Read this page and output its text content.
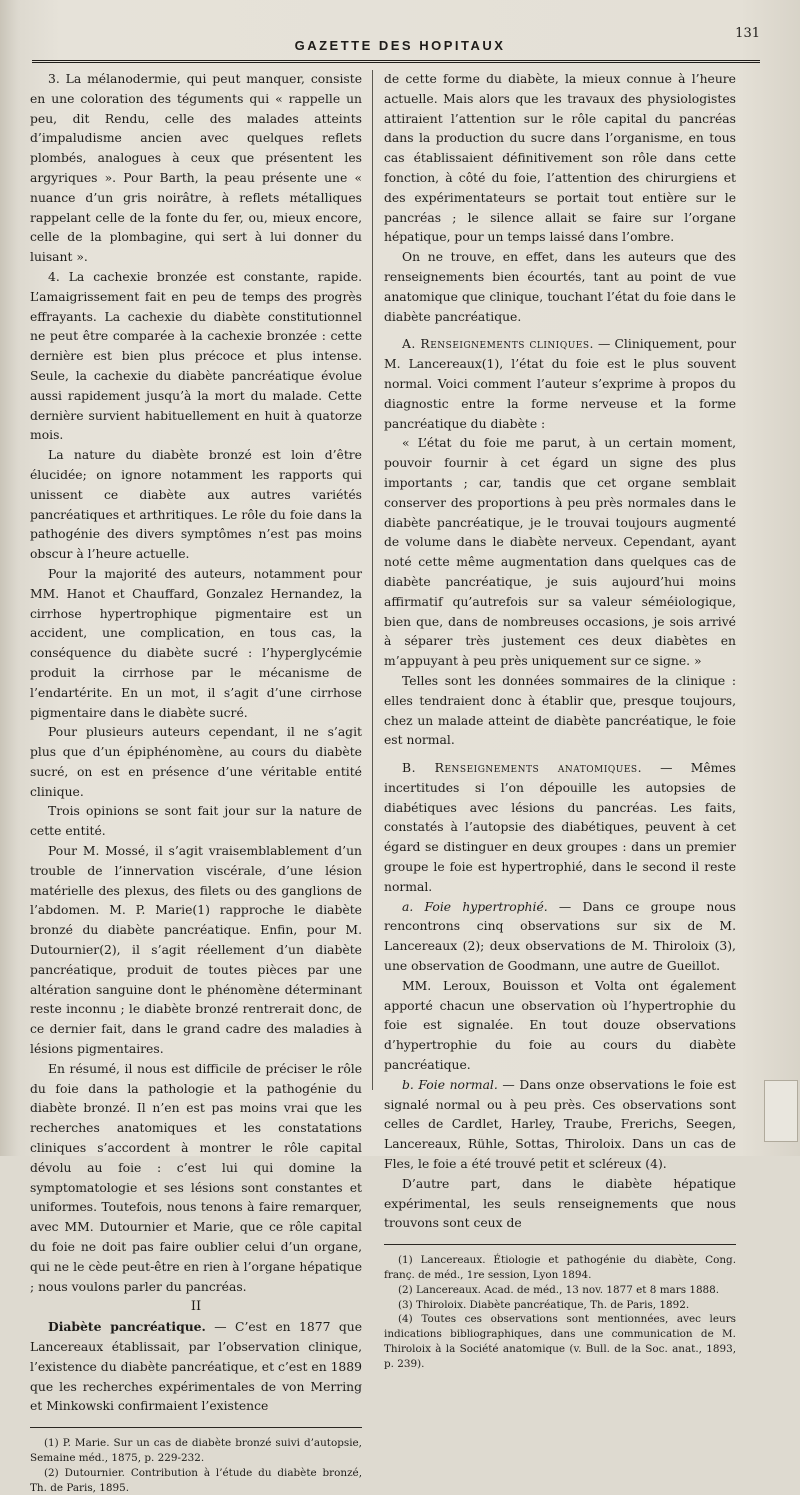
GAZETTE DES HOPITAUX
131

3. La mélanodermie, qui peut manquer, consiste en une coloration des téguments qui « rappelle un peu, dit Rendu, celle des malades atteints d’impaludisme ancien avec quelques reflets plombés, analogues à ceux que présentent les argyriques ». Pour Barth, la peau présente une « nuance d’un gris noirâtre, à reflets métalliques rappelant celle de la fonte du fer, ou, mieux encore, celle de la plombagine, qui sert à lui donner du luisant ».

4. La cachexie bronzée est constante, rapide. L’amaigrissement fait en peu de temps des progrès effrayants. La cachexie du diabète constitutionnel ne peut être comparée à la cachexie bronzée : cette dernière est bien plus précoce et plus intense. Seule, la cachexie du diabète pancréatique évolue aussi rapidement jusqu’à la mort du malade. Cette dernière survient habituellement en huit à quatorze mois.

La nature du diabète bronzé est loin d’être élucidée; on ignore notamment les rapports qui unissent ce diabète aux autres variétés pancréatiques et arthritiques. Le rôle du foie dans la pathogénie des divers symptômes n’est pas moins obscur à l’heure actuelle.

Pour la majorité des auteurs, notamment pour MM. Hanot et Chauffard, Gonzalez Hernandez, la cirrhose hypertrophique pigmentaire est un accident, une complication, en tous cas, la conséquence du diabète sucré : l’hyperglycémie produit la cirrhose par le mécanisme de l’endartérite. En un mot, il s’agit d’une cirrhose pigmentaire dans le diabète sucré.

Pour plusieurs auteurs cependant, il ne s’agit plus que d’un épiphénomène, au cours du diabète sucré, on est en présence d’une véritable entité clinique.

Trois opinions se sont fait jour sur la nature de cette entité.

Pour M. Mossé, il s’agit vraisemblablement d’un trouble de l’innervation viscérale, d’une lésion matérielle des plexus, des filets ou des ganglions de l’abdomen. M. P. Marie(1) rapproche le diabète bronzé du diabète pancréatique. Enfin, pour M. Dutournier(2), il s’agit réellement d’un diabète pancréatique, produit de toutes pièces par une altération sanguine dont le phénomène déterminant reste inconnu ; le diabète bronzé rentrerait donc, de ce dernier fait, dans le grand cadre des maladies à lésions pigmentaires.

En résumé, il nous est difficile de préciser le rôle du foie dans la pathologie et la pathogénie du diabète bronzé. Il n’en est pas moins vrai que les recherches anatomiques et les constatations cliniques s’accordent à montrer le rôle capital dévolu au foie : c’est lui qui domine la symptomatologie et ses lésions sont constantes et uniformes. Toutefois, nous tenons à faire remarquer, avec MM. Dutournier et Marie, que ce rôle capital du foie ne doit pas faire oublier celui d’un organe, qui ne le cède peut-être en rien à l’organe hépatique ; nous voulons parler du pancréas.

II

Diabète pancréatique. — C’est en 1877 que Lancereaux établissait, par l’observation clinique, l’existence du diabète pancréatique, et c’est en 1889 que les recherches expérimentales de von Merring et Minkowski confirmaient l’existence

(1) P. Marie. Sur un cas de diabète bronzé suivi d’autopsie, Semaine méd., 1875, p. 229-232.

(2) Dutournier. Contribution à l’étude du diabète bronzé, Th. de Paris, 1895.

de cette forme du diabète, la mieux connue à l’heure actuelle. Mais alors que les travaux des physiologistes attiraient l’attention sur le rôle capital du pancréas dans la production du sucre dans l’organisme, en tous cas établissaient définitivement son rôle dans cette fonction, à côté du foie, l’attention des chirurgiens et des expérimentateurs se portait tout entière sur le pancréas ; le silence allait se faire sur l’organe hépatique, pour un temps laissé dans l’ombre.

On ne trouve, en effet, dans les auteurs que des renseignements bien écourtés, tant au point de vue anatomique que clinique, touchant l’état du foie dans le diabète pancréatique.

A. Renseignements cliniques. — Cliniquement, pour M. Lancereaux(1), l’état du foie est le plus souvent normal. Voici comment l’auteur s’exprime à propos du diagnostic entre la forme nerveuse et la forme pancréatique du diabète :

« L’état du foie me parut, à un certain moment, pouvoir fournir à cet égard un signe des plus importants ; car, tandis que cet organe semblait conserver des proportions à peu près normales dans le diabète pancréatique, je le trouvai toujours augmenté de volume dans le diabète nerveux. Cependant, ayant noté cette même augmentation dans quelques cas de diabète pancréatique, je suis aujourd’hui moins affirmatif qu’autrefois sur sa valeur séméiologique, bien que, dans de nombreuses occasions, je sois arrivé à séparer très justement ces deux diabètes en m’appuyant à peu près uniquement sur ce signe. »

Telles sont les données sommaires de la clinique : elles tendraient donc à établir que, presque toujours, chez un malade atteint de diabète pancréatique, le foie est normal.

B. Renseignements anatomiques. — Mêmes incertitudes si l’on dépouille les autopsies de diabétiques avec lésions du pancréas. Les faits, constatés à l’autopsie des diabétiques, peuvent à cet égard se distinguer en deux groupes : dans un premier groupe le foie est hypertrophié, dans le second il reste normal.

a. Foie hypertrophié. — Dans ce groupe nous rencontrons cinq observations sur six de M. Lancereaux (2); deux observations de M. Thiroloix (3), une observation de Goodmann, une autre de Gueillot.

MM. Leroux, Bouisson et Volta ont également apporté chacun une observation où l’hypertrophie du foie est signalée. En tout douze observations d’hypertrophie du foie au cours du diabète pancréatique.

b. Foie normal. — Dans onze observations le foie est signalé normal ou à peu près. Ces observations sont celles de Cardlet, Harley, Traube, Frerichs, Seegen, Lancereaux, Rühle, Sottas, Thiroloix. Dans un cas de Fles, le foie a été trouvé petit et scléreux (4).

D’autre part, dans le diabète hépatique expérimental, les seuls renseignements que nous trouvons sont ceux de

(1) Lancereaux. Étiologie et pathogénie du diabète, Cong. franç. de méd., 1re session, Lyon 1894.

(2) Lancereaux. Acad. de méd., 13 nov. 1877 et 8 mars 1888.

(3) Thiroloix. Diabète pancréatique, Th. de Paris, 1892.

(4) Toutes ces observations sont mentionnées, avec leurs indications bibliographiques, dans une communication de M. Thiroloix à la Société anatomique (v. Bull. de la Soc. anat., 1893, p. 239).
